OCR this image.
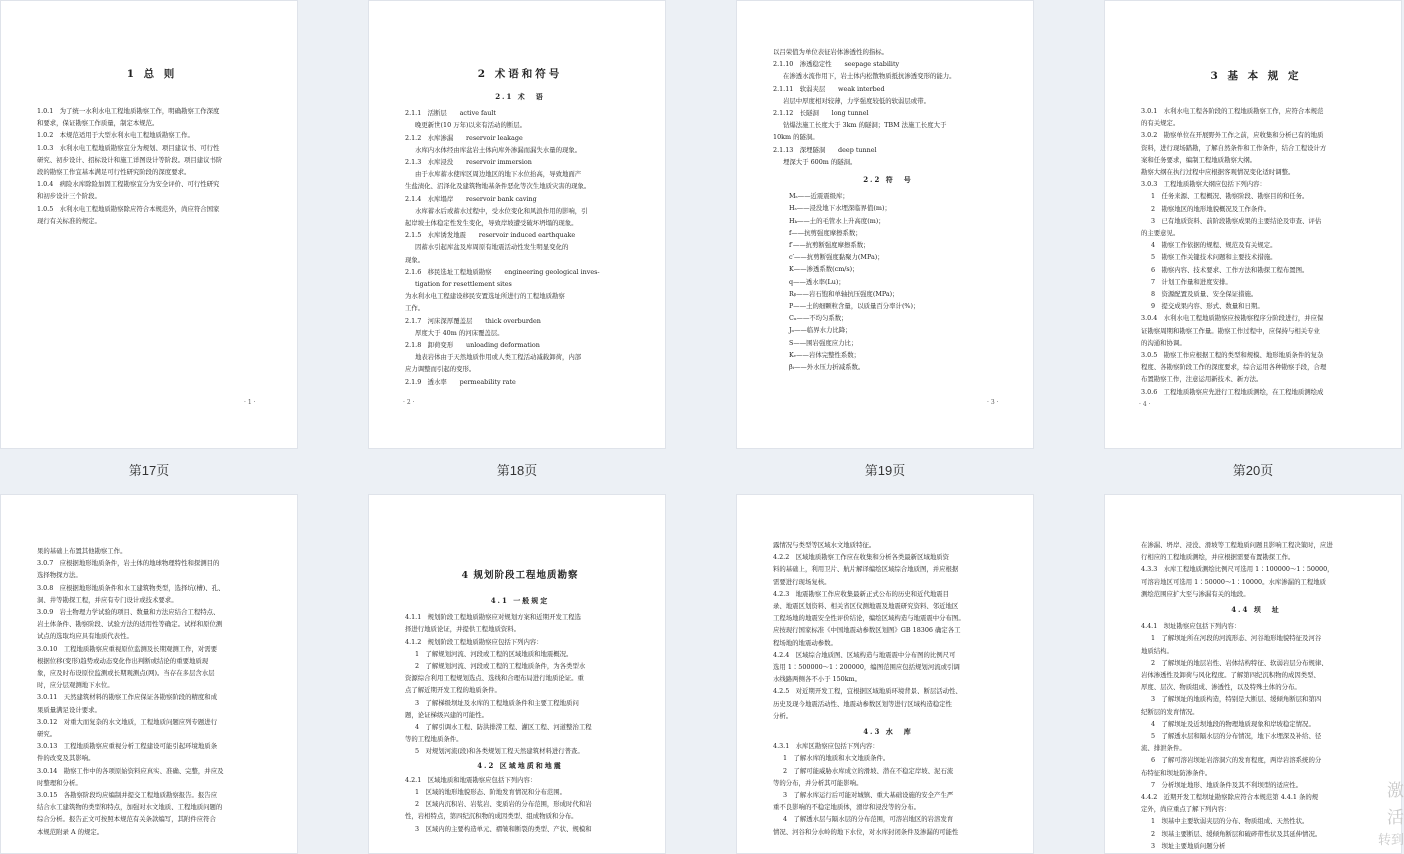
1 总 则
1.0.1　为了统一水利水电工程地质勘察工作，明确勘察工作深度
和要求，保证勘察工作质量，制定本规范。
1.0.2　本规范适用于大型水利水电工程地质勘察工作。
1.0.3　水利水电工程地质勘察宜分为规划、项目建议书、可行性
研究、初步设计、招标设计和施工详图设计等阶段。项目建议书阶
段的勘察工作宜基本满足可行性研究阶段的深度要求。
1.0.4　病险水库除险加固工程勘察宜分为安全评价、可行性研究
和初步设计三个阶段。
1.0.5　水利水电工程地质勘察除应符合本规范外，尚应符合国家
现行有关标准的规定。
· 1 ·
第17页
2 术语和符号
2.1 术　语
2.1.1　活断层　　active fault
晚更新世(10 万年)以来有活动的断层。
2.1.2　水库渗漏　　reservoir leakage
水库内水体经由库盆岩土体向库外渗漏而漏失水量的现象。
2.1.3　水库浸没　　reservoir immersion
由于水库蓄水使库区周边地区的地下水位抬高，导致地面产
生盐渍化、沼泽化及建筑物地基条件恶化等次生地质灾害的现象。
2.1.4　水库塌岸　　reservoir bank caving
水库蓄水后或蓄水过程中，受水位变化和风浪作用的影响，引
起岸坡土体稳定性发生变化，导致岸坡遭受破坏坍塌的现象。
2.1.5　水库诱发地震　　reservoir induced earthquake
因蓄水引起库盆及库周原有地震活动性发生明显变化的
现象。
2.1.6　移民选址工程地质勘察　　engineering geological inves-
tigation for resettlement sites
为水利水电工程建设移民安置选址所进行的工程地质勘察
工作。
2.1.7　河床深厚覆盖层　　thick overburden
厚度大于 40m 的河床覆盖层。
2.1.8　卸荷变形　　unloading deformation
地表岩体由于天然地质作用或人类工程活动减载卸荷，内部
应力调整而引起的变形。
2.1.9　透水率　　permeability rate
· 2 ·
第18页
以吕荣值为单位表征岩体渗透性的指标。
2.1.10　渗透稳定性　　seepage stability
在渗透水流作用下，岩土体内松散物质抵抗渗透变形的能力。
2.1.11　软弱夹层　　weak interbed
岩层中厚度相对较薄，力学强度较低的软弱层或带。
2.1.12　长隧洞　　long tunnel
钻爆法施工长度大于 3km 的隧洞；TBM 法施工长度大于
10km 的隧洞。
2.1.13　深埋隧洞　　deep tunnel
埋深大于 600m 的隧洞。
2.2 符　号
Mₛ——近震震级库；
Hₛ——浸没地下水埋深临界值(m)；
Hₖ——土的毛管水上升高度(m)；
f——抗剪强度摩擦系数；
f′——抗剪断强度摩擦系数；
c′——抗剪断强度黏聚力(MPa)；
K——渗透系数(cm/s)；
q——透水率(Lu)；
Rᵦ——岩石饱和单轴抗压强度(MPa)；
P——土的细颗粒含量，以质量百分率计(%)；
Cᵤ——不均匀系数；
Jₒ——临界水力比降；
S——围岩强度应力比；
Kᵥ——岩体完整性系数；
βᵢ——外水压力折减系数。
· 3 ·
第19页
3 基 本 规 定
3.0.1　水利水电工程各阶段的工程地质勘察工作，应符合本规范
的有关规定。
3.0.2　勘察单位在开展野外工作之前，应收集和分析已有的地质
资料，进行现场踏勘，了解自然条件和工作条件，结合工程设计方
案和任务要求，编制工程地质勘察大纲。
勘察大纲在执行过程中应根据客观情况变化适时调整。
3.0.3　工程地质勘察大纲应包括下列内容：
1　任务来源、工程概况、勘察阶段、勘察目的和任务。
2　勘察地区的地形地貌概况及工作条件。
3　已有地质资料、前阶段勘察成果的主要结论及审查、评估
的主要意见。
4　勘察工作依据的规程、规范及有关规定。
5　勘察工作关键技术问题和主要技术措施。
6　勘察内容、技术要求、工作方法和勘探工程布置图。
7　计划工作量和进度安排。
8　资源配置及质量、安全保证措施。
9　提交成果内容、形式、数量和日期。
3.0.4　水利水电工程地质勘察应按勘察程序分阶段进行，并应保
证勘察周期和勘察工作量。勘察工作过程中，应保持与相关专业
的沟通和协调。
3.0.5　勘察工作应根据工程的类型和规模、地形地质条件的复杂
程度、各勘察阶段工作的深度要求，综合运用各种勘察手段，合理
布置勘察工作，注意运用新技术、新方法。
3.0.6　工程地质勘察应先进行工程地质测绘，在工程地质测绘成
· 4 ·
第20页
果的基础上布置其他勘察工作。
3.0.7　应根据地形地质条件，岩土体的地球物理特性和探测目的
选择物探方法。
3.0.8　应根据地形地质条件和水工建筑物类型，选择坑(槽)、孔、
洞、井等勘探工程，并应有专门设计或技术要求。
3.0.9　岩土物理力学试验的项目、数量和方法应结合工程特点、
岩土体条件、勘察阶段、试验方法的适用性等确定。试样和原位测
试点的选取均应具有地质代表性。
3.0.10　工程地质勘察应重视原位监测及长期观测工作，对需要
根据位移(变形)趋势或动态变化作出判断或结论的重要地质现
象，应及时布设原位监测或长期观测点(网)。当存在多层含水层
时，应分层观测地下水位。
3.0.11　天然建筑材料的勘察工作应保证各勘察阶段的精度和成
果质量满足设计要求。
3.0.12　对重大而复杂的水文地质，工程地质问题应列专题进行
研究。
3.0.13　工程地质勘察应重视分析工程建设可能引起环境地质条
件的改变及其影响。
3.0.14　勘察工作中的各项原始资料应真实、准确、完整，并应及
时整理和分析。
3.0.15　各勘察阶段均应编制并提交工程地质勘察报告。报告应
结合水工建筑物的类型和特点，加强对水文地质、工程地质问题的
综合分析。报告正文可按照本规范有关条款编写，其附件应符合
本规范附录 A 的规定。
4 规划阶段工程地质勘察
4.1 一般规定
4.1.1　规划阶段工程地质勘察应对规划方案和近期开发工程选
择进行地质论证，并提供工程地质资料。
4.1.2　规划阶段工程地质勘察应包括下列内容：
1　了解规划河流、河段或工程的区域地质和地震概况。
2　了解规划河流、河段或工程的工程地质条件，为各类型水
资源综合利用工程规划选点、选线和合理布局进行地质论证。重
点了解近期开发工程的地质条件。
3　了解梯级坝址及水库的工程地质条件和主要工程地质问
题，论证梯级兴建的可能性。
4　了解引调水工程、防洪排涝工程、灌区工程、河道整治工程
等的工程地质条件。
5　对规划河流(段)和各类规划工程天然建筑材料进行普查。
4.2 区域地质和地震
4.2.1　区域地质和地震勘察应包括下列内容：
1　区域的地形地貌形态、阶地发育情况和分布范围。
2　区域内沉积岩、岩浆岩、变质岩的分布范围，形成时代和岩
性，岩相特点，第四纪沉积物的成因类型、组成物质和分布。
3　区域内的主要构造单元、褶皱和断裂的类型、产状、规模和
露情况与类型等区域水文地质特征。
4.2.2　区域地质勘察工作应在收集和分析各类最新区域地质资
料的基础上，利用卫片、航片解译编绘区域综合地质图，并应根据
需要进行现场复核。
4.2.3　地震勘察工作应收集最新正式公布的历史和近代地震目
录、地震区划资料、相关省区仪测地震及地震研究资料、邻近地区
工程场地的地震安全性评价结论，编绘区域构造与地震震中分布图。
应按现行国家标准《中国地震动参数区划图》GB 18306 确定各工
程场地的地震动参数。
4.2.4　区域综合地质图、区域构造与地震震中分布图的比例尺可
选用 1∶500000～1∶200000，编图范围应包括规划河流或引调
水线路两侧各不小于 150km。
4.2.5　对近期开发工程，宜根据区域地质环境背景、断层活动性、
历史及现今地震活动性、地震动参数区划等进行区域构造稳定性
分析。
4.3 水　库
4.3.1　水库区勘察应包括下列内容：
1　了解水库的地质和水文地质条件。
2　了解可能威胁水库成立的滑坡、潜在不稳定岸坡、泥石流
等的分布，并分析其可能影响。
3　了解水库运行后可能对城镇、重大基础设施的安全产生严
重不良影响的不稳定地质体，滑岸和浸没等的分布。
4　了解透水层与隔水层的分布范围，可溶岩地区的岩溶发育
情况、河谷和分水岭的地下水位，对水库封闭条件及渗漏的可能性
在渗漏、坍岸、浸没、滑坡等工程地质问题且影响工程决策时，应进
行相应的工程地质测绘，并应根据需要布置勘探工作。
4.3.3　水库工程地质测绘比例尺可选用 1∶100000～1∶50000，
可溶岩地区可选用 1∶50000～1∶10000。水库渗漏的工程地质
测绘范围应扩大至与渗漏有关的地段。
4.4 坝　址
4.4.1　坝址勘察应包括下列内容：
1　了解坝址所在河段的河流形态、河谷地形地貌特征及河谷
地质结构。
2　了解坝址的地层岩性、岩体结构特征、软弱岩层分布规律、
岩体渗透性及卸荷与风化程度。了解第四纪沉积物的成因类型、
厚度、层次、物质组成、渗透性，以及特殊土体的分布。
3　了解坝址的地质构造，特别是大断层、缓倾角断层和第四
纪断层的发育情况。
4　了解坝址及近坝地段的物理地质现象和岸坡稳定情况。
5　了解透水层和隔水层的分布情况，地下水埋深及补给、径
流、排泄条件。
6　了解可溶岩坝址岩溶洞穴的发育程度，两岸岩溶系统的分
布特征和坝址防渗条件。
7　分析坝址地形、地质条件及其不利坝型的适应性。
4.4.2　近期开发工程坝址勘察除应符合本规范第 4.4.1 条的规
定外，尚应重点了解下列内容：
1　坝基中主要软弱夹层的分布、物质组成、天然性状。
2　坝基主要断层、缓倾角断层和破碎带性状及其延伸情况。
3　坝址主要地质问题分析
激活
转到
